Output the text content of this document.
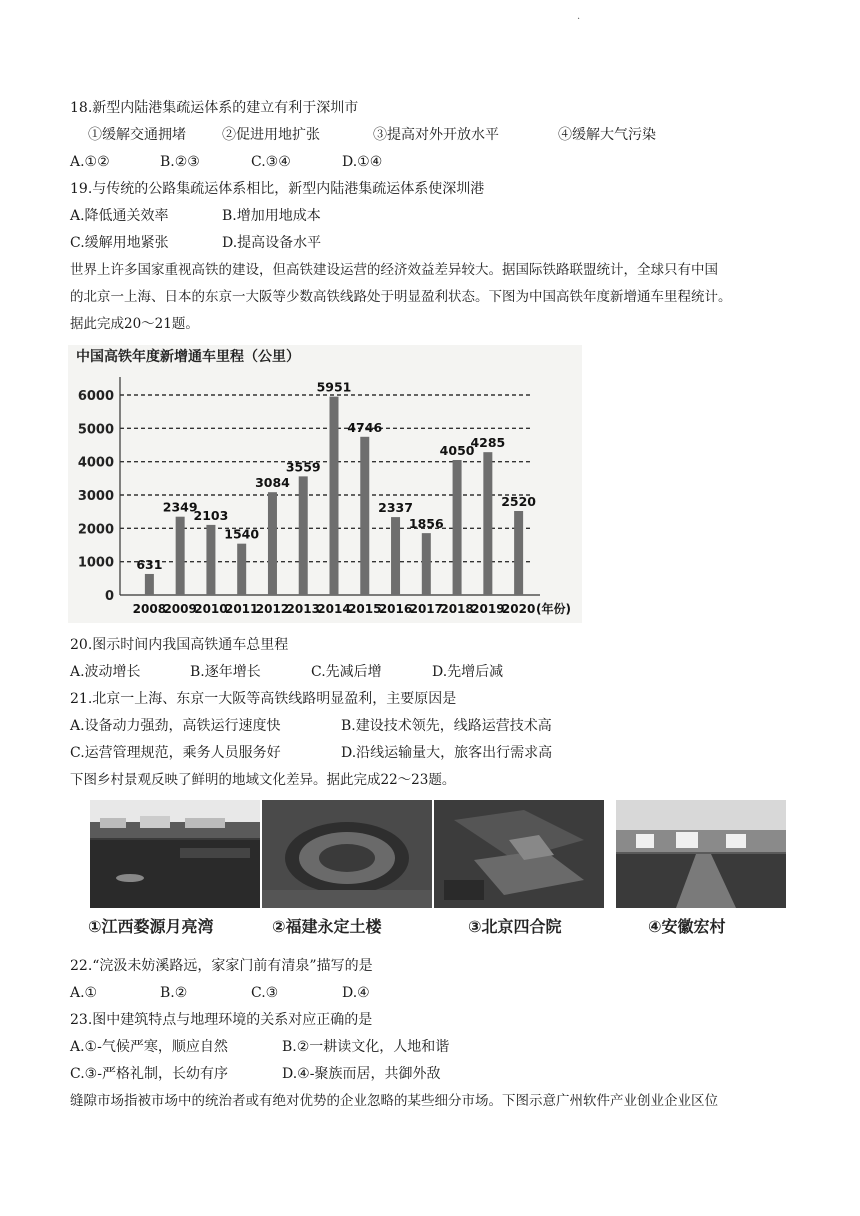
·
18.新型内陆港集疏运体系的建立有利于深圳市
①缓解交通拥堵	②促进用地扩张	③提高对外开放水平	④缓解大气污染
A.①②	B.②③	C.③④	D.①④
19.与传统的公路集疏运体系相比，新型内陆港集疏运体系使深圳港
A.降低通关效率	B.增加用地成本
C.缓解用地紧张	D.提高设备水平
世界上许多国家重视高铁的建设，但高铁建设运营的经济效益差异较大。据国际铁路联盟统计，全球只有中国
的北京一上海、日本的东京一大阪等少数高铁线路处于明显盈利状态。下图为中国高铁年度新增通车里程统计。
据此完成20～21题。
中国高铁年度新增通车里程（公里）
0
1000
2000
3000
4000
5000
6000
631
2008
2349
2009
2103
2010
1540
2011
3084
2012
3559
2013
5951
2014
4746
2015
2337
2016
1856
2017
4050
2018
4285
2019
2520
2020 (年份)
20.图示时间内我国高铁通车总里程
A.波动增长	B.逐年增长	C.先减后增	D.先增后减
21.北京一上海、东京一大阪等高铁线路明显盈利，主要原因是
A.设备动力强劲，高铁运行速度快	B.建设技术领先，线路运营技术高
C.运营管理规范，乘务人员服务好	D.沿线运输量大，旅客出行需求高
下图乡村景观反映了鲜明的地域文化差异。据此完成22～23题。
①江西婺源月亮湾	②福建永定土楼	③北京四合院	④安徽宏村
22.“浣汲未妨溪路远，家家门前有清泉”描写的是
A.①	B.②	C.③	D.④
23.图中建筑特点与地理环境的关系对应正确的是
A.①-气候严寒，顺应自然	B.②一耕读文化，人地和谐
C.③-严格礼制，长幼有序	D.④-聚族而居，共御外敌
缝隙市场指被市场中的统治者或有绝对优势的企业忽略的某些细分市场。下图示意广州软件产业创业企业区位
